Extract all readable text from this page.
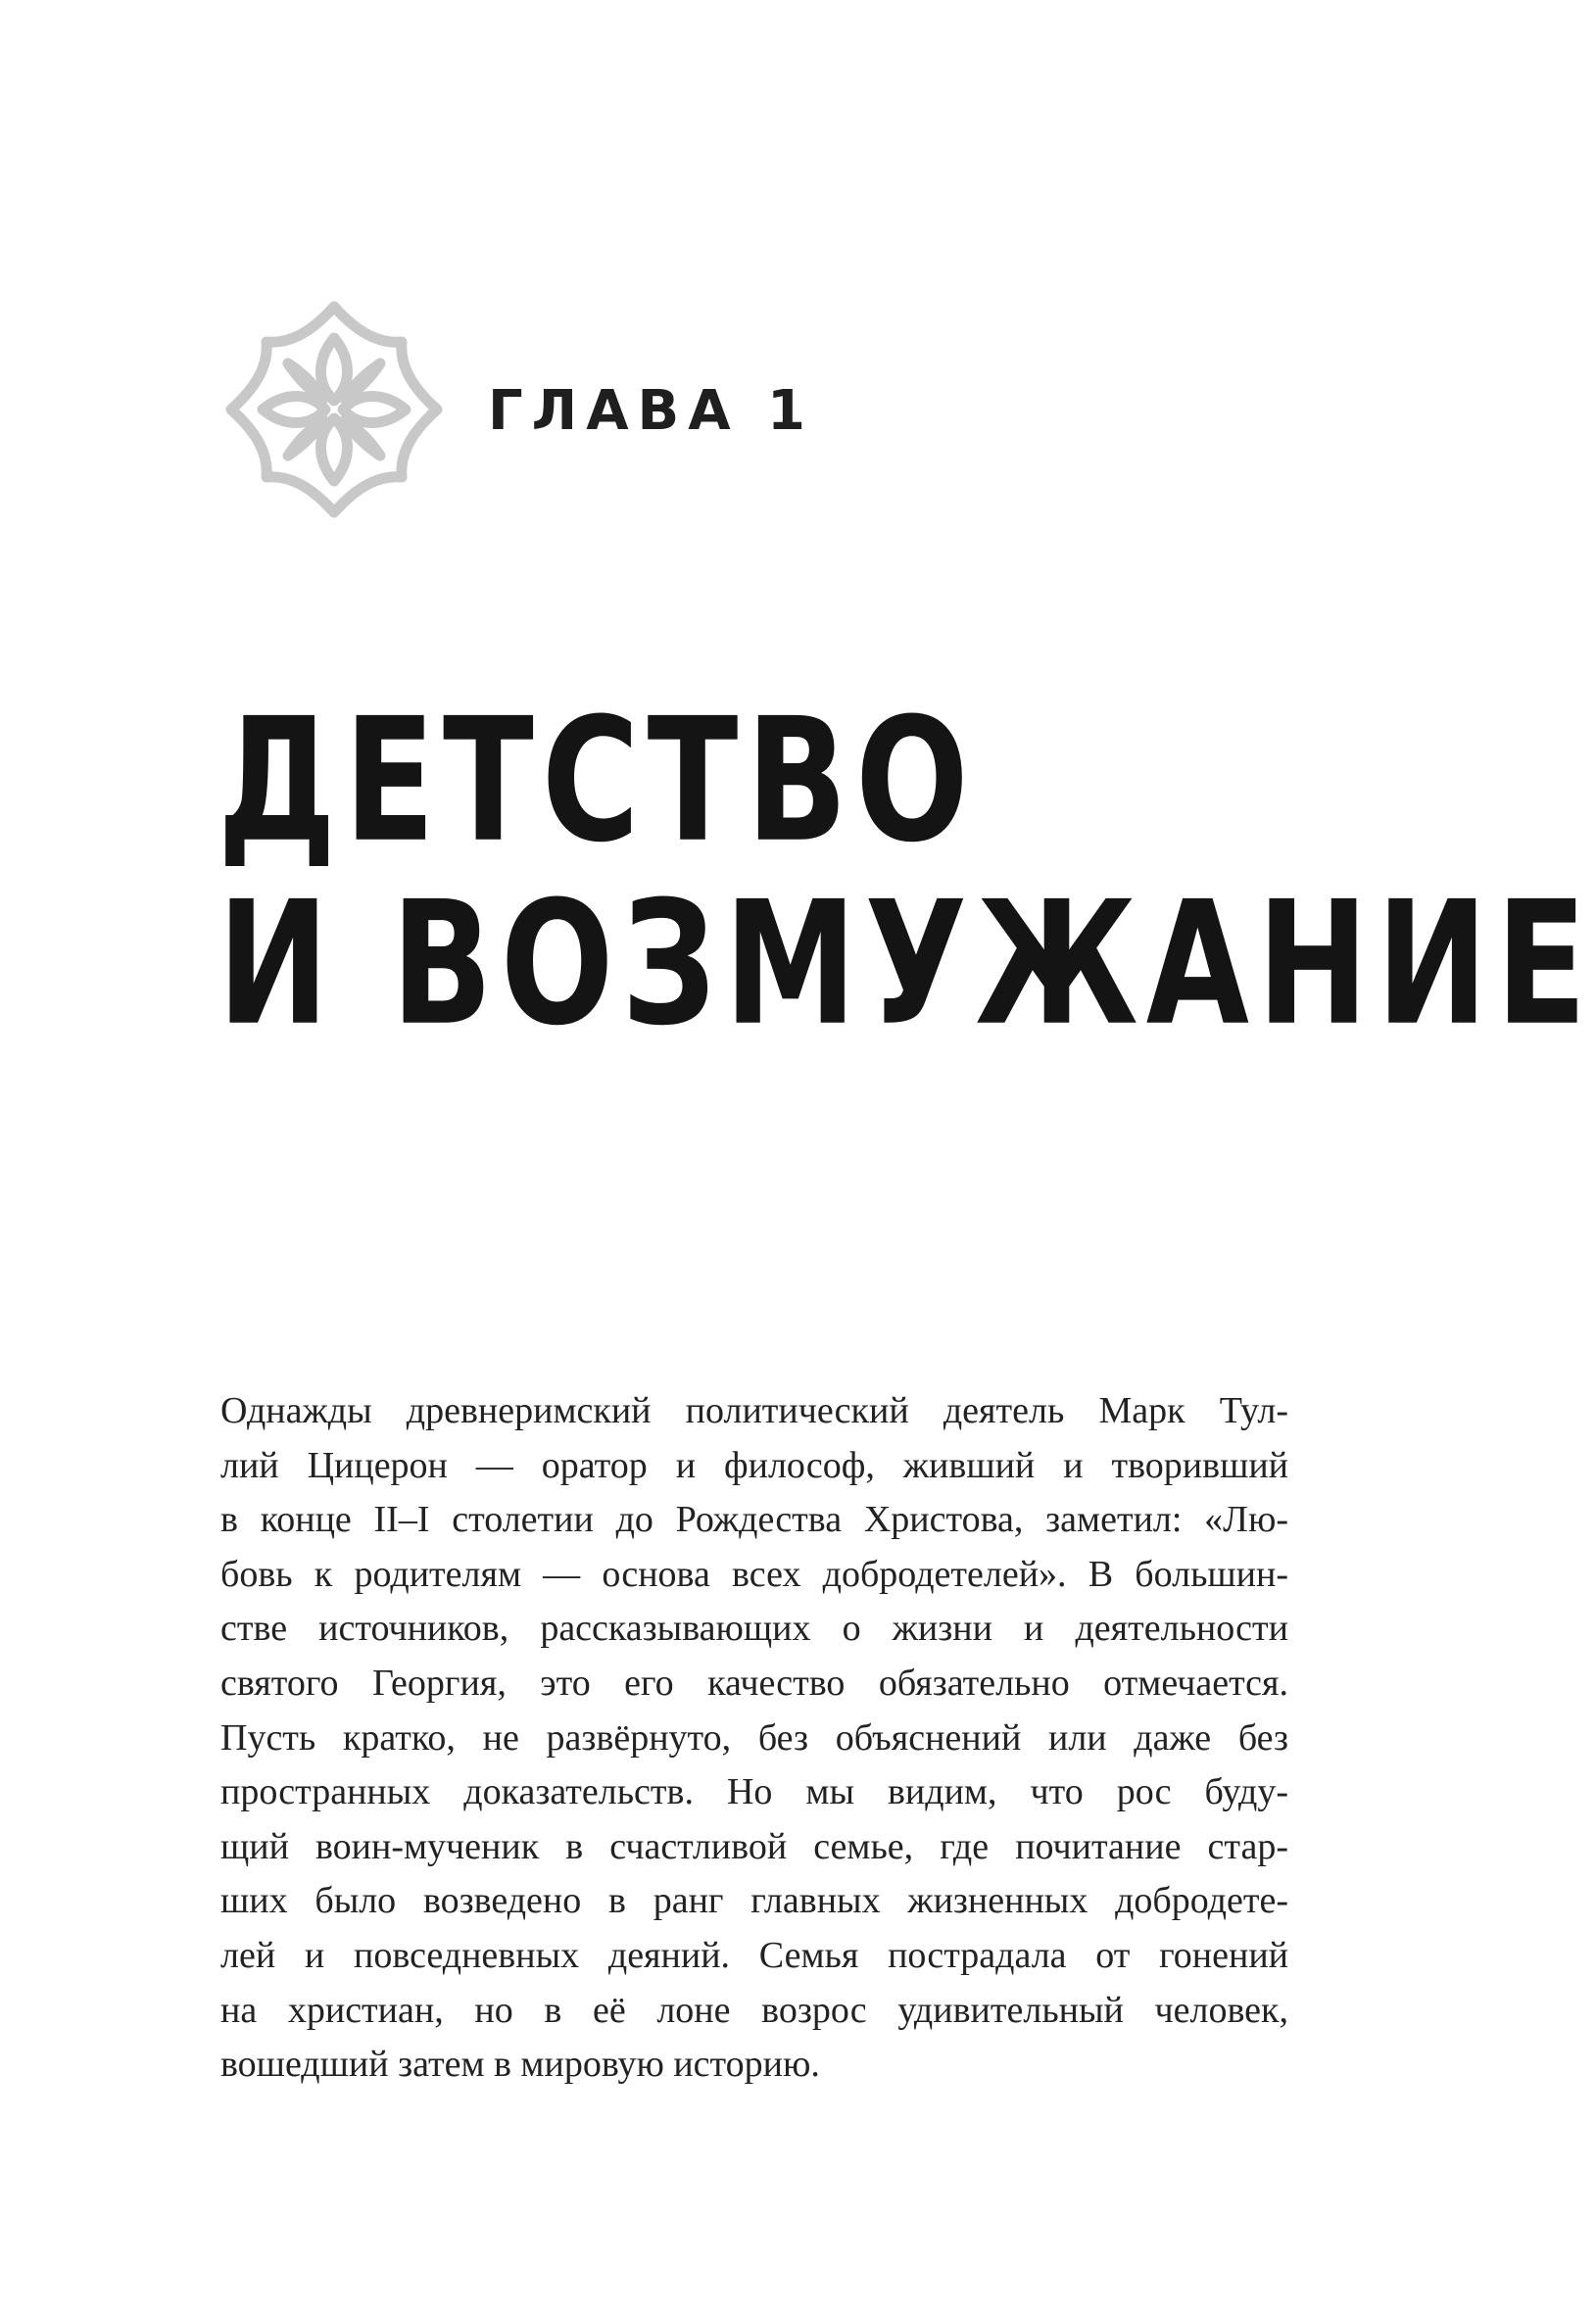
ГЛАВА 1
ДЕТСТВО
И ВОЗМУЖАНИЕ
Однажды древнеримский политический деятель Марк Тул-
лий Цицерон — оратор и философ, живший и творивший
в конце II–I столетии до Рождества Христова, заметил: «Лю-
бовь к родителям — основа всех добродетелей». В большин-
стве источников, рассказывающих о жизни и деятельности
святого Георгия, это его качество обязательно отмечается.
Пусть кратко, не развёрнуто, без объяснений или даже без
пространных доказательств. Но мы видим, что рос буду-
щий воин-мученик в счастливой семье, где почитание стар-
ших было возведено в ранг главных жизненных добродете-
лей и повседневных деяний. Семья пострадала от гонений
на христиан, но в её лоне возрос удивительный человек,
вошедший затем в мировую историю.
